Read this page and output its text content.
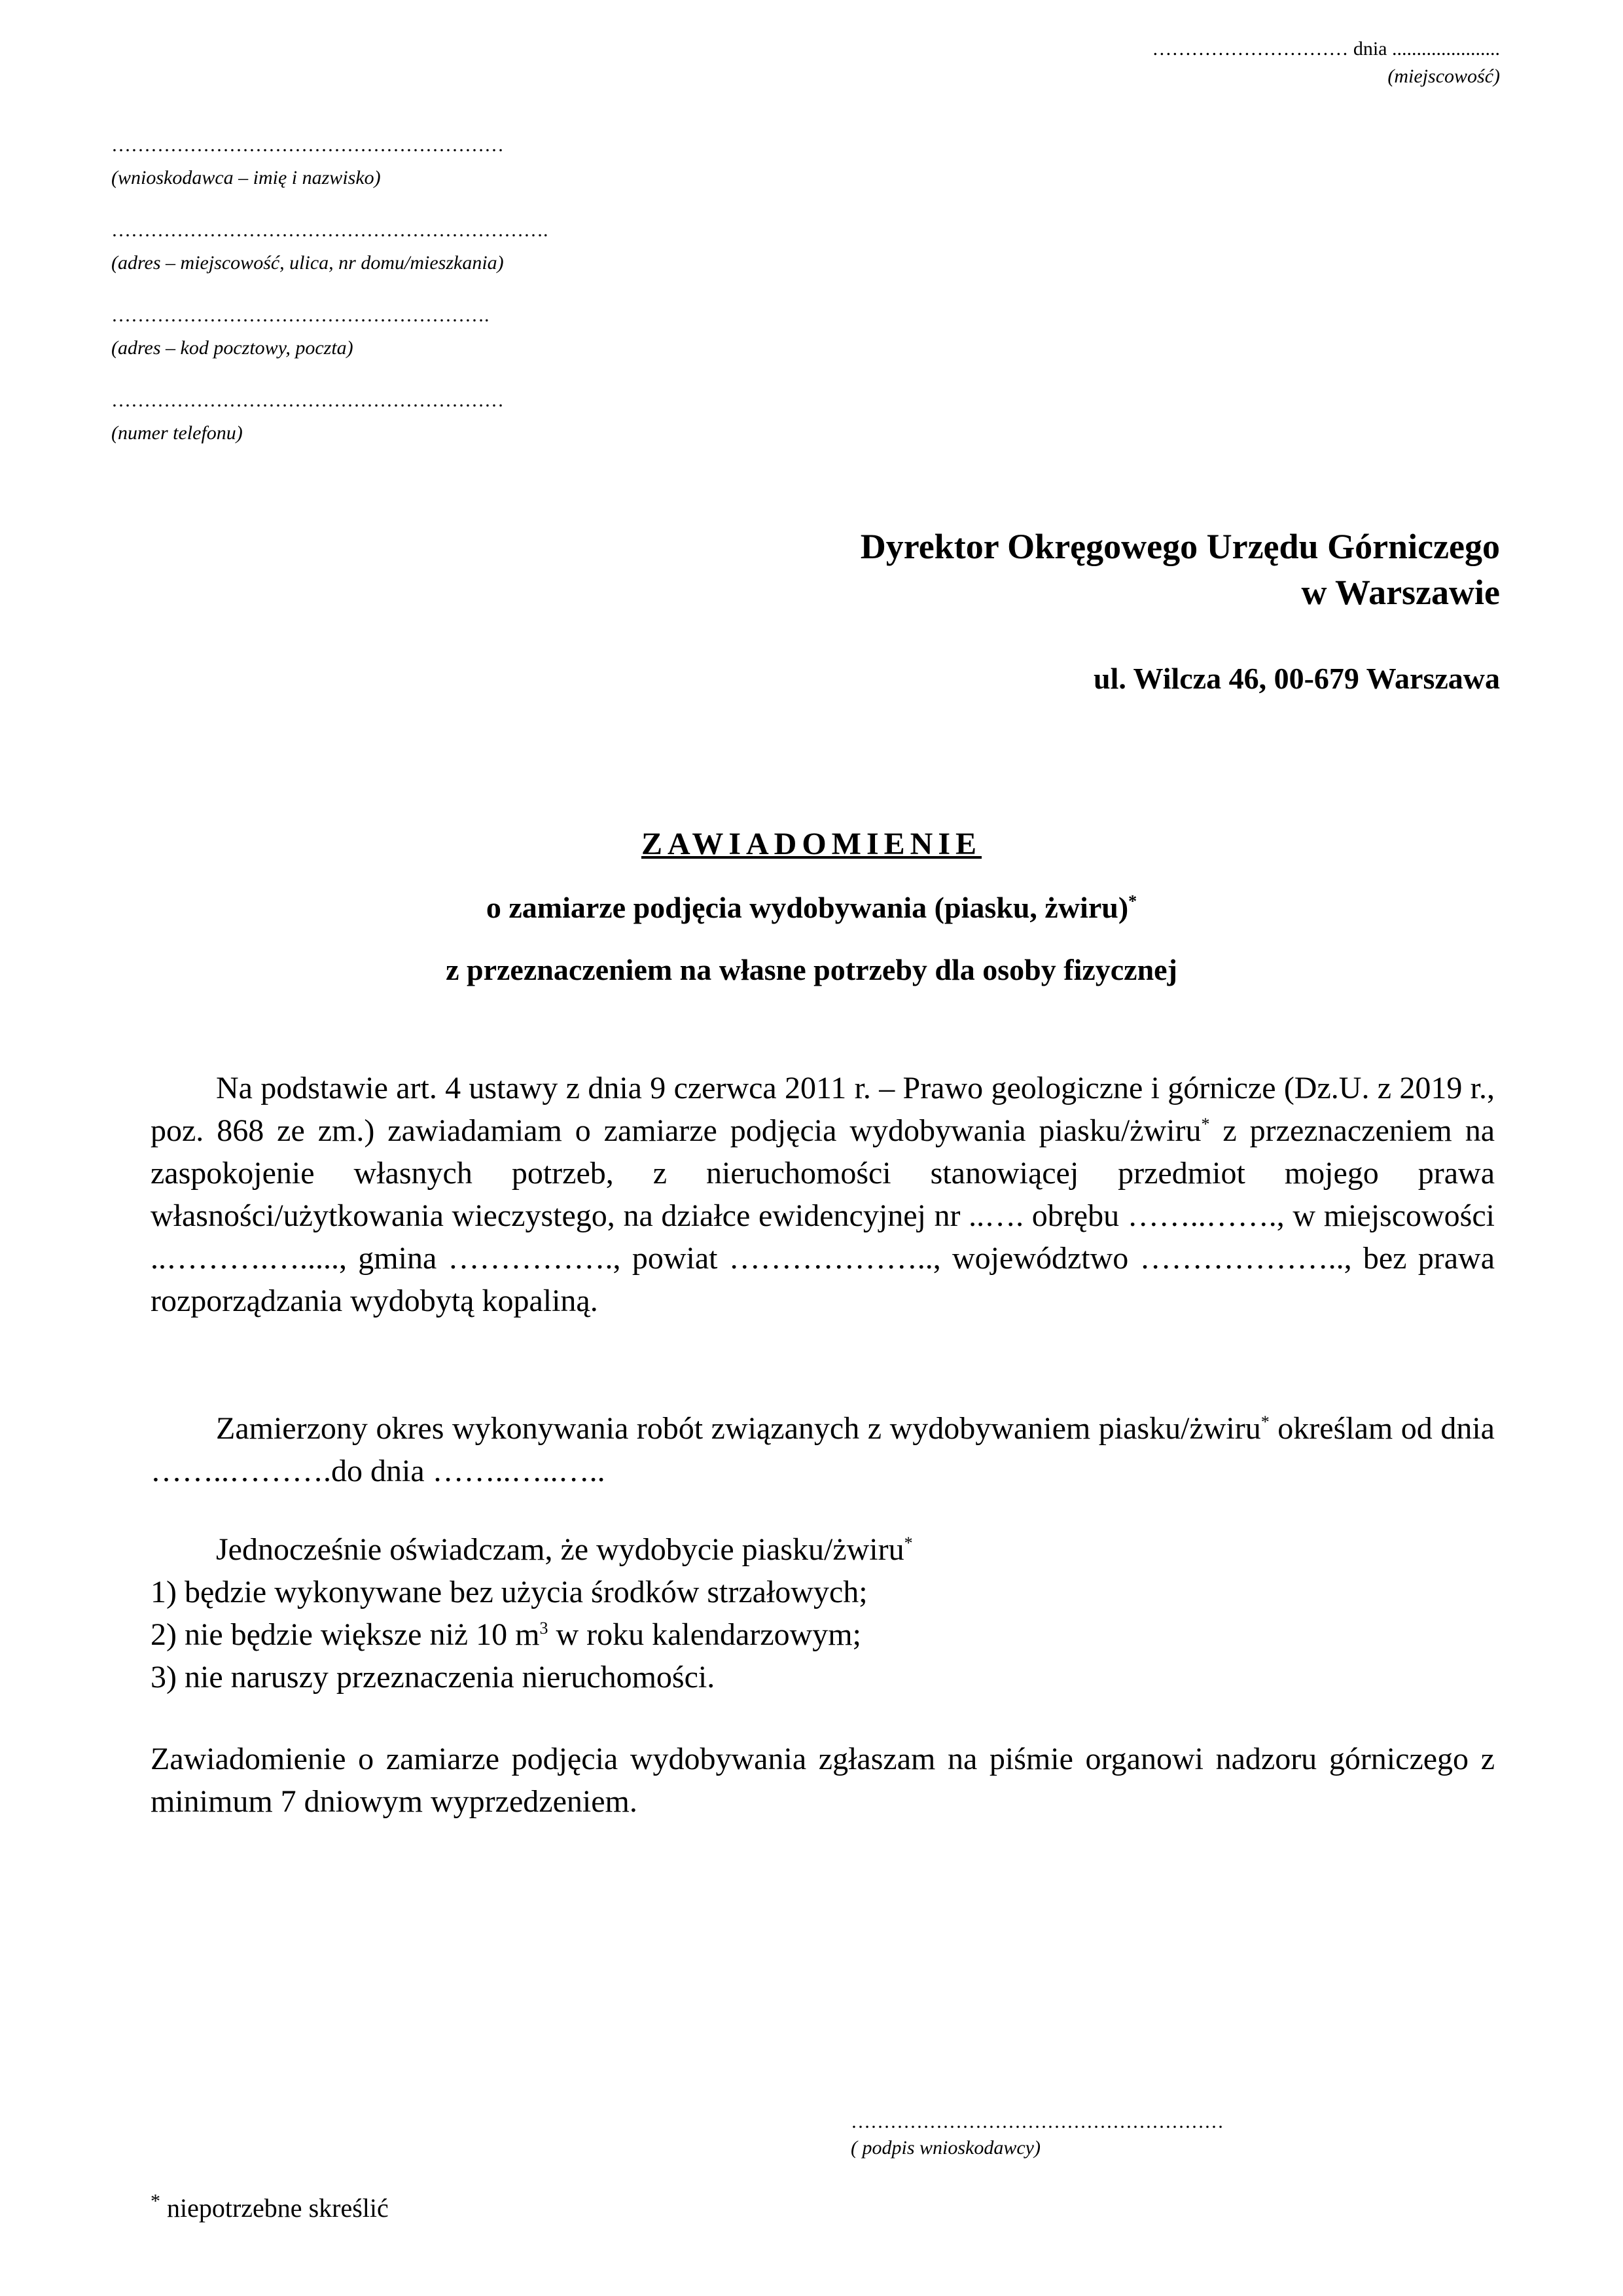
………………………… dnia ......................
(miejscowość)
……………………………………………………
(wnioskodawca – imię i nazwisko)
………………………………………………………….
(adres – miejscowość, ulica, nr domu/mieszkania)
………………………………………………….
(adres – kod pocztowy, poczta)
……………………………………………………
(numer telefonu)
Dyrektor Okręgowego Urzędu Górniczego
w Warszawie
ul. Wilcza 46, 00-679 Warszawa
ZAWIADOMIENIE
o zamiarze podjęcia wydobywania (piasku, żwiru)*
z przeznaczeniem na własne potrzeby dla osoby fizycznej
Na podstawie art. 4 ustawy z dnia 9 czerwca 2011 r. – Prawo geologiczne i górnicze (Dz.U. z 2019 r., poz. 868 ze zm.) zawiadamiam o zamiarze podjęcia wydobywania piasku/żwiru* z przeznaczeniem na zaspokojenie własnych potrzeb, z nieruchomości stanowiącej przedmiot mojego prawa własności/użytkowania wieczystego, na działce ewidencyjnej nr ..…. obrębu ……..……., w miejscowości ..……….…....., gmina ……………., powiat ……………….., województwo ……………….., bez prawa rozporządzania wydobytą kopaliną.
Zamierzony okres wykonywania robót związanych z wydobywaniem piasku/żwiru* określam od dnia ……..……….do dnia ……..…..…..
Jednocześnie oświadczam, że wydobycie piasku/żwiru*
1) będzie wykonywane bez użycia środków strzałowych;
2) nie będzie większe niż 10 $m^3$ w roku kalendarzowym;
3) nie naruszy przeznaczenia nieruchomości.
Zawiadomienie o zamiarze podjęcia wydobywania zgłaszam na piśmie organowi nadzoru górniczego z minimum 7 dniowym wyprzedzeniem.
…………………………………………………
( podpis wnioskodawcy)
* niepotrzebne skreślić
